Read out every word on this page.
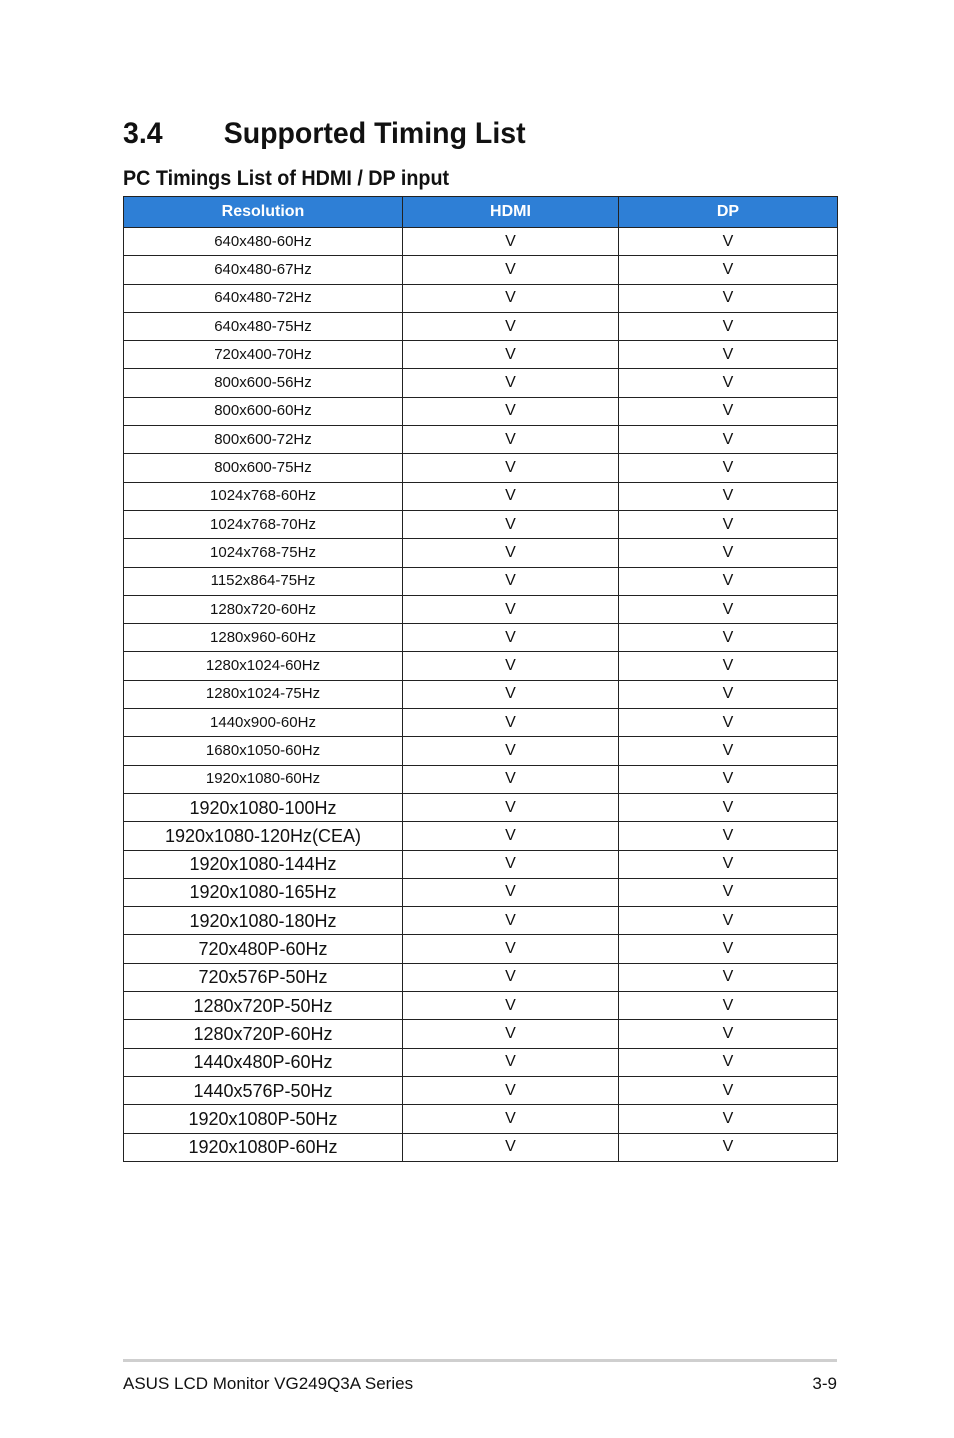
3.4 Supported Timing List
PC Timings List of HDMI / DP input
Resolution	HDMI	DP
640x480-60Hz	V	V
640x480-67Hz	V	V
640x480-72Hz	V	V
640x480-75Hz	V	V
720x400-70Hz	V	V
800x600-56Hz	V	V
800x600-60Hz	V	V
800x600-72Hz	V	V
800x600-75Hz	V	V
1024x768-60Hz	V	V
1024x768-70Hz	V	V
1024x768-75Hz	V	V
1152x864-75Hz	V	V
1280x720-60Hz	V	V
1280x960-60Hz	V	V
1280x1024-60Hz	V	V
1280x1024-75Hz	V	V
1440x900-60Hz	V	V
1680x1050-60Hz	V	V
1920x1080-60Hz	V	V
1920x1080-100Hz	V	V
1920x1080-120Hz(CEA)	V	V
1920x1080-144Hz	V	V
1920x1080-165Hz	V	V
1920x1080-180Hz	V	V
720x480P-60Hz	V	V
720x576P-50Hz	V	V
1280x720P-50Hz	V	V
1280x720P-60Hz	V	V
1440x480P-60Hz	V	V
1440x576P-50Hz	V	V
1920x1080P-50Hz	V	V
1920x1080P-60Hz	V	V
ASUS LCD Monitor VG249Q3A Series	3-9
